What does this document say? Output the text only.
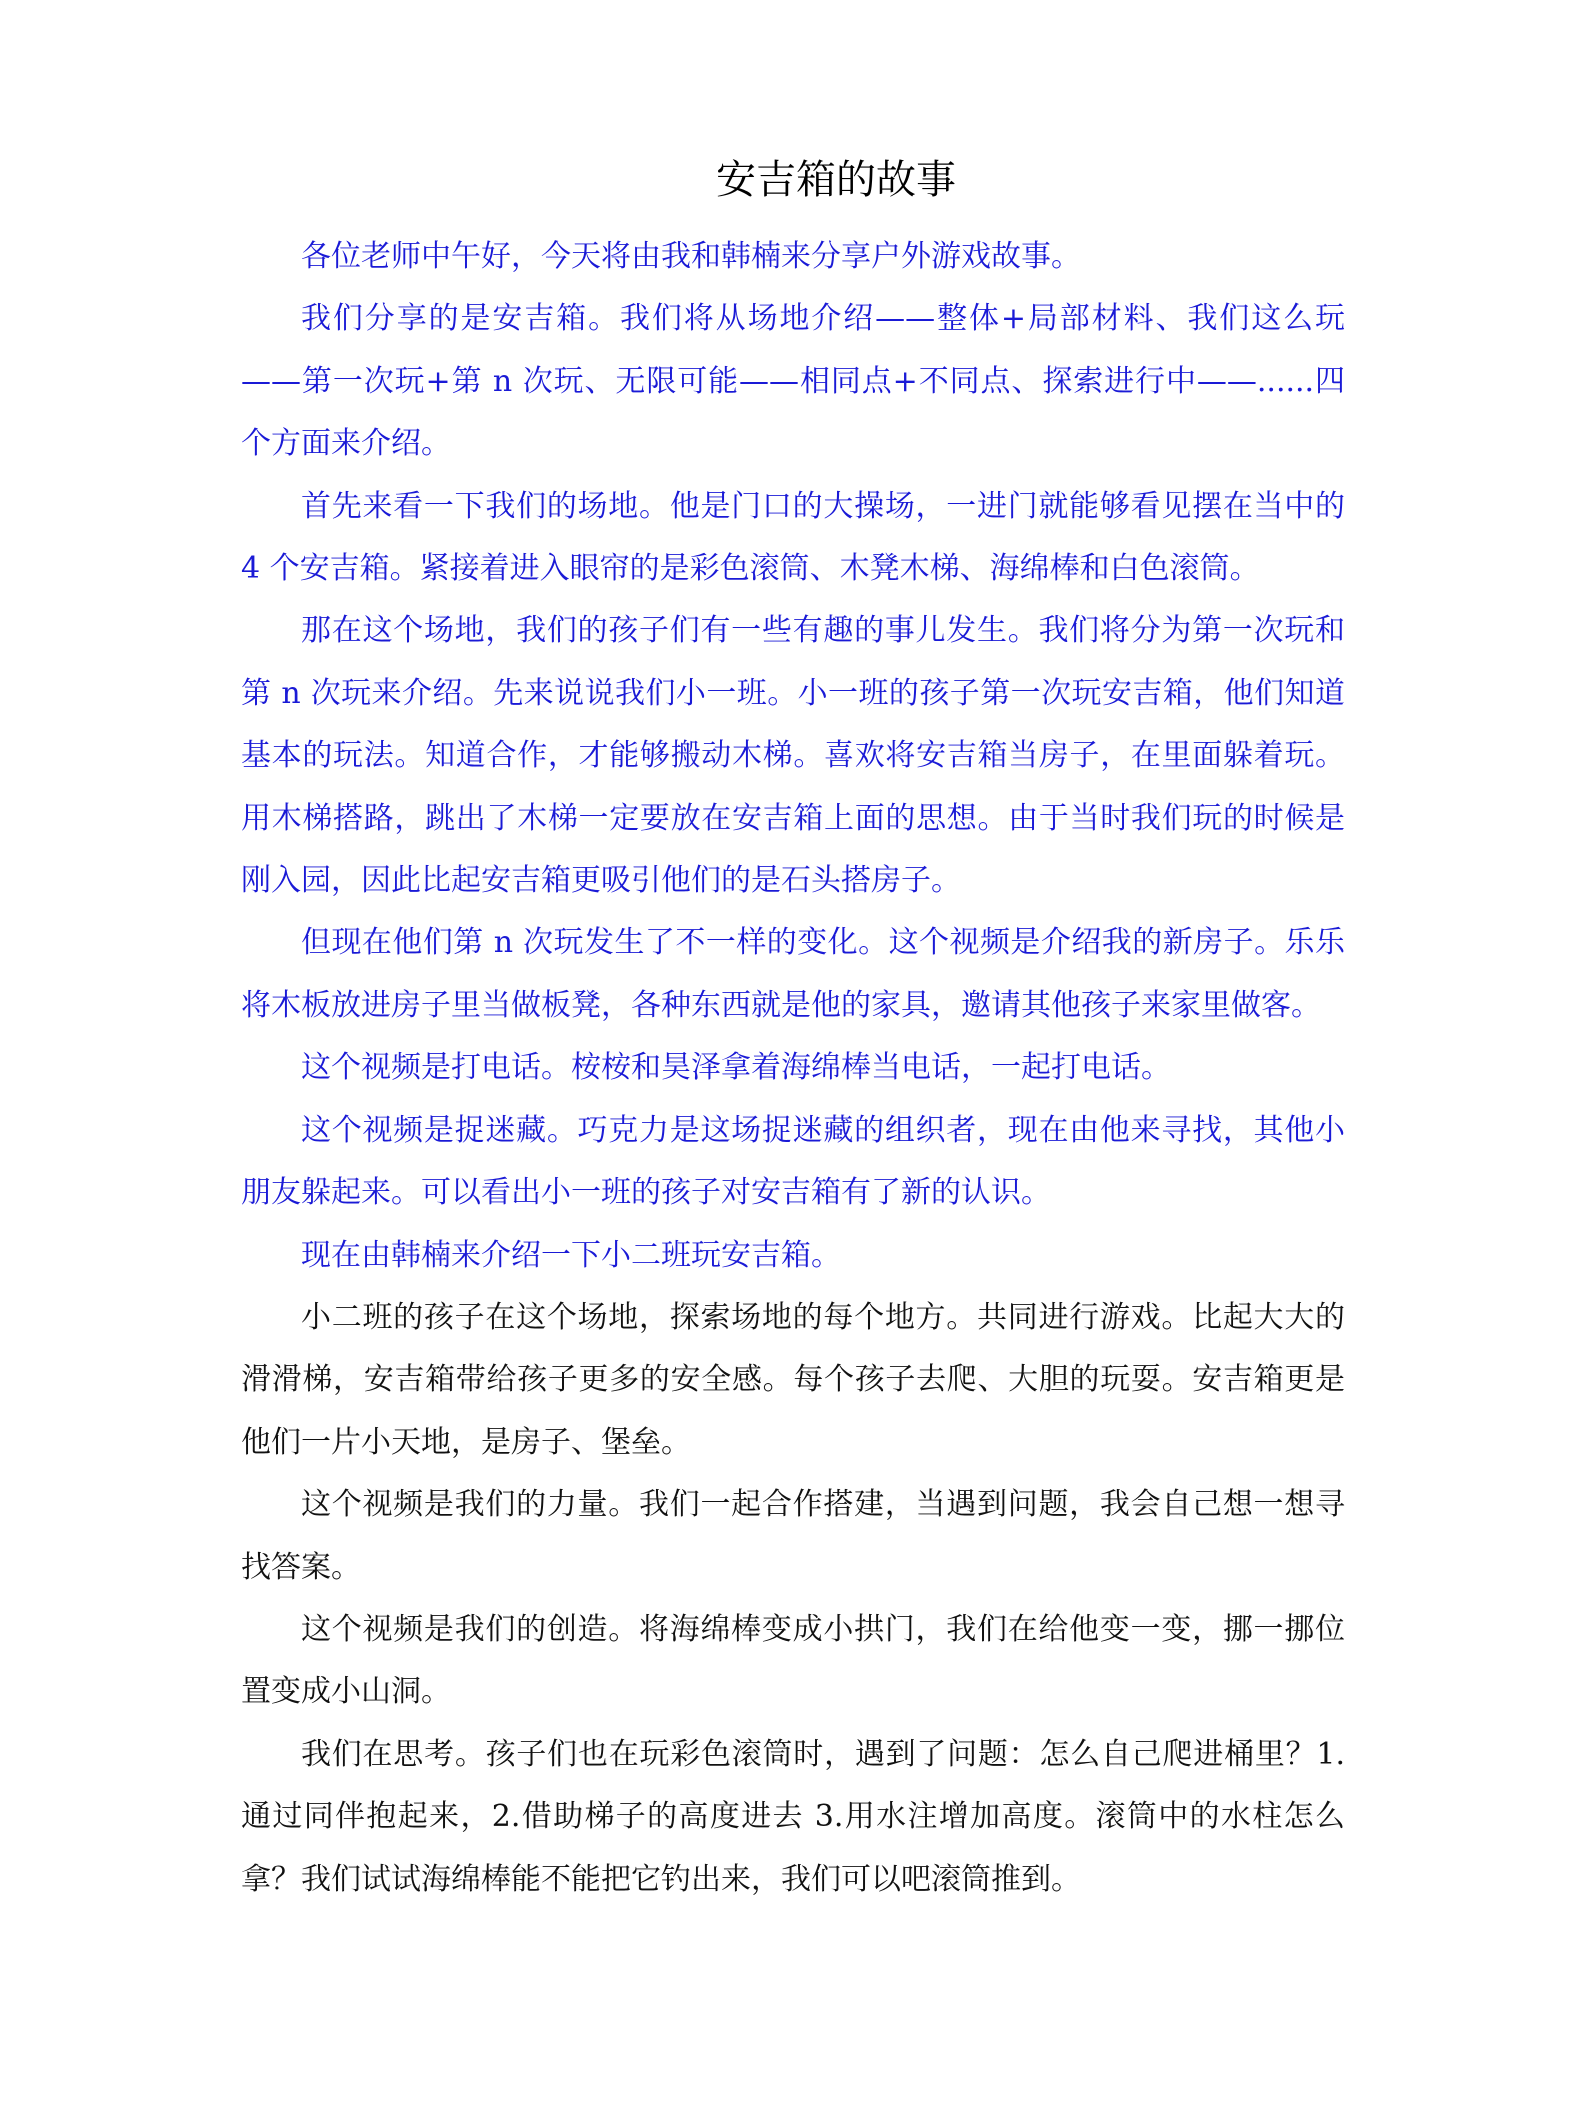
安吉箱的故事

各位老师中午好，今天将由我和韩楠来分享户外游戏故事。

我们分享的是安吉箱。我们将从场地介绍——整体+局部材料、我们这么玩——第一次玩+第 n 次玩、无限可能——相同点+不同点、探索进行中——......四个方面来介绍。

首先来看一下我们的场地。他是门口的大操场，一进门就能够看见摆在当中的 4 个安吉箱。紧接着进入眼帘的是彩色滚筒、木凳木梯、海绵棒和白色滚筒。

那在这个场地，我们的孩子们有一些有趣的事儿发生。我们将分为第一次玩和第 n 次玩来介绍。先来说说我们小一班。小一班的孩子第一次玩安吉箱，他们知道基本的玩法。知道合作，才能够搬动木梯。喜欢将安吉箱当房子，在里面躲着玩。用木梯搭路，跳出了木梯一定要放在安吉箱上面的思想。由于当时我们玩的时候是刚入园，因此比起安吉箱更吸引他们的是石头搭房子。

但现在他们第 n 次玩发生了不一样的变化。这个视频是介绍我的新房子。乐乐将木板放进房子里当做板凳，各种东西就是他的家具，邀请其他孩子来家里做客。

这个视频是打电话。桉桉和昊泽拿着海绵棒当电话，一起打电话。

这个视频是捉迷藏。巧克力是这场捉迷藏的组织者，现在由他来寻找，其他小朋友躲起来。可以看出小一班的孩子对安吉箱有了新的认识。

现在由韩楠来介绍一下小二班玩安吉箱。

小二班的孩子在这个场地，探索场地的每个地方。共同进行游戏。比起大大的滑滑梯，安吉箱带给孩子更多的安全感。每个孩子去爬、大胆的玩耍。安吉箱更是他们一片小天地，是房子、堡垒。

这个视频是我们的力量。我们一起合作搭建，当遇到问题，我会自己想一想寻找答案。

这个视频是我们的创造。将海绵棒变成小拱门，我们在给他变一变，挪一挪位置变成小山洞。

我们在思考。孩子们也在玩彩色滚筒时，遇到了问题：怎么自己爬进桶里？1.通过同伴抱起来，2.借助梯子的高度进去 3.用水注增加高度。滚筒中的水柱怎么拿？我们试试海绵棒能不能把它钓出来，我们可以吧滚筒推到。
